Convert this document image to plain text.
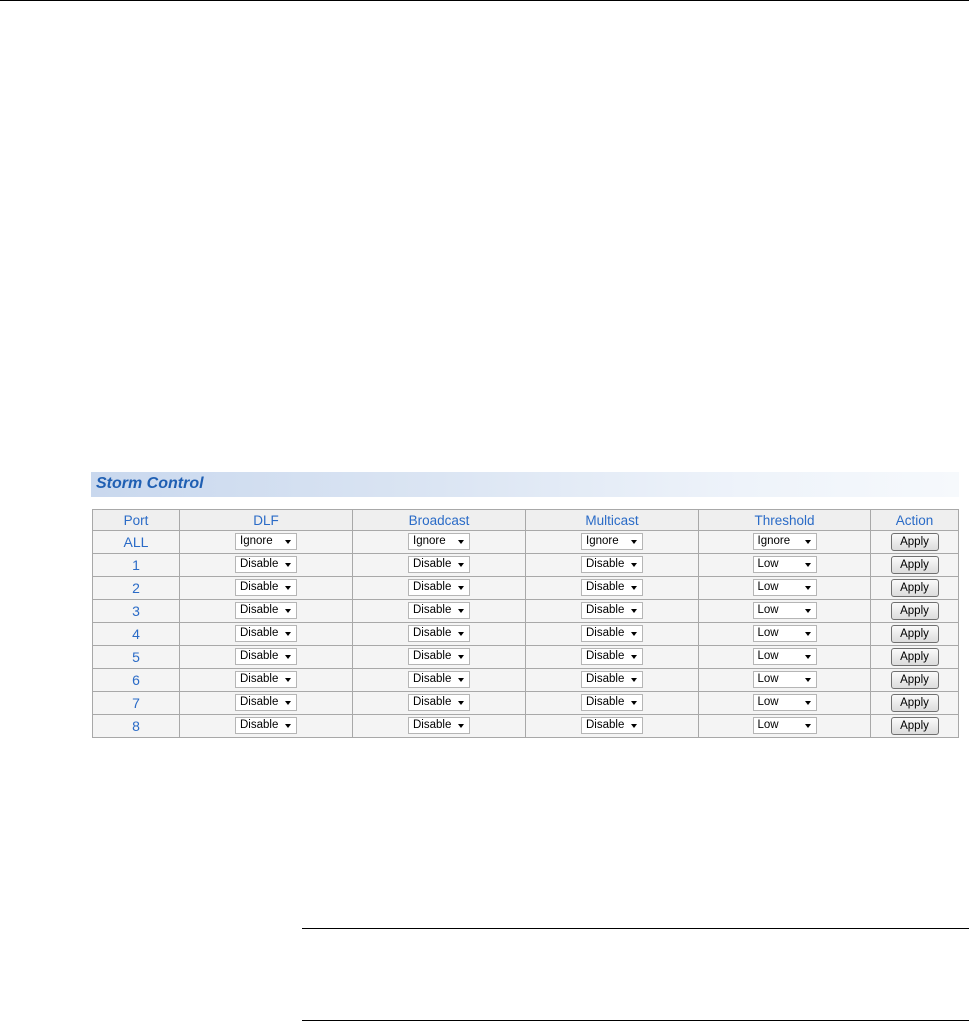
Storm Control
Port	DLF	Broadcast	Multicast	Threshold	Action
ALL	Ignore	Ignore	Ignore	Ignore	Apply
1	Disable	Disable	Disable	Low	Apply
2	Disable	Disable	Disable	Low	Apply
3	Disable	Disable	Disable	Low	Apply
4	Disable	Disable	Disable	Low	Apply
5	Disable	Disable	Disable	Low	Apply
6	Disable	Disable	Disable	Low	Apply
7	Disable	Disable	Disable	Low	Apply
8	Disable	Disable	Disable	Low	Apply
